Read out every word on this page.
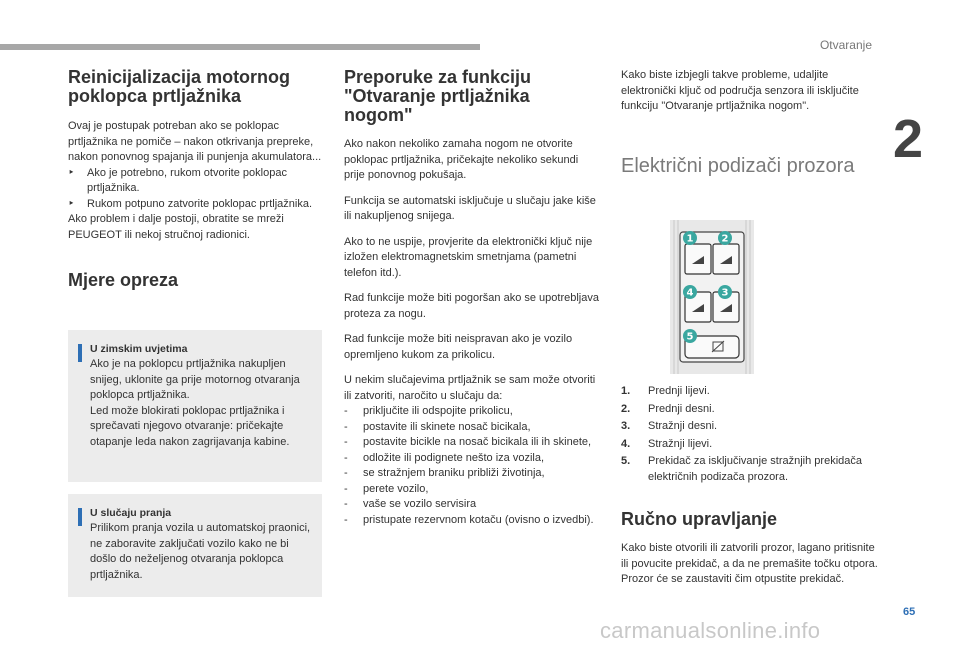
Otvaranje
2
65
carmanualsonline.info
Reinicijalizacija motornog poklopca prtljažnika

Ovaj je postupak potreban ako se poklopac prtljažnika ne pomiče – nakon otkrivanja prepreke, nakon ponovnog spajanja ili punjenja akumulatora...

‣	Ako je potrebno, rukom otvorite poklopac prtljažnika.
‣	Rukom potpuno zatvorite poklopac prtljažnika.

Ako problem i dalje postoji, obratite se mreži PEUGEOT ili nekoj stručnoj radionici.

Mjere opreza
U zimskim uvjetima

Ako je na poklopcu prtljažnika nakupljen snijeg, uklonite ga prije motornog otvaranja poklopca prtljažnika.

Led može blokirati poklopac prtljažnika i sprečavati njegovo otvaranje: pričekajte otapanje leda nakon zagrijavanja kabine.

U slučaju pranja

Prilikom pranja vozila u automatskoj praonici, ne zaboravite zaključati vozilo kako ne bi došlo do neželjenog otvaranja poklopca prtljažnika.

Preporuke za funkciju "Otvaranje prtljažnika nogom"

Ako nakon nekoliko zamaha nogom ne otvorite poklopac prtljažnika, pričekajte nekoliko sekundi prije ponovnog pokušaja.

Funkcija se automatski isključuje u slučaju jake kiše ili nakupljenog snijega.

Ako to ne uspije, provjerite da elektronički ključ nije izložen elektromagnetskim smetnjama (pametni telefon itd.).

Rad funkcije može biti pogoršan ako se upotrebljava proteza za nogu.

Rad funkcije može biti neispravan ako je vozilo opremljeno kukom za prikolicu.

U nekim slučajevima prtljažnik se sam može otvoriti ili zatvoriti, naročito u slučaju da:

- priključite ili odspojite prikolicu,
- postavite ili skinete nosač bicikala,
- postavite bicikle na nosač bicikala ili ih skinete,
- odložite ili podignete nešto iza vozila,
- se stražnjem braniku približi životinja,
- perete vozilo,
- vaše se vozilo servisira
- pristupate rezervnom kotaču (ovisno o izvedbi).

Kako biste izbjegli takve probleme, udaljite elektronički ključ od područja senzora ili isključite funkciju "Otvaranje prtljažnika nogom".

Električni podizači prozora
1	2
4	3
5
1. Prednji lijevi.
2. Prednji desni.
3. Stražnji desni.
4. Stražnji lijevi.
5. Prekidač za isključivanje stražnjih prekidača električnih podizača prozora.
Ručno upravljanje

Kako biste otvorili ili zatvorili prozor, lagano pritisnite ili povucite prekidač, a da ne premašite točku otpora. Prozor će se zaustaviti čim otpustite prekidač.
